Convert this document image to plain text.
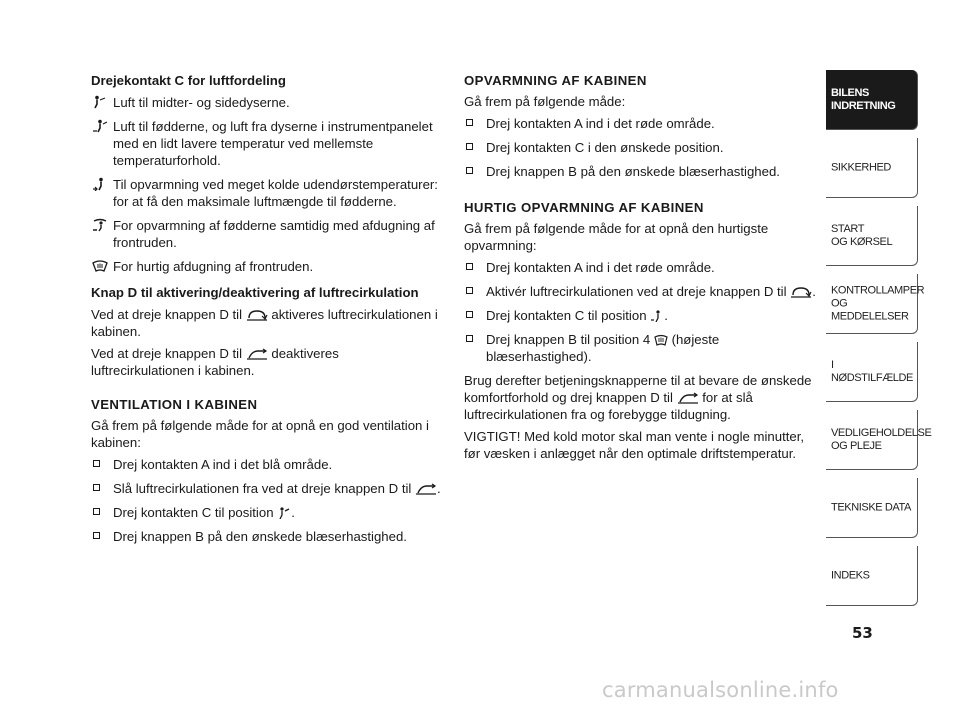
Drejekontakt C for luftfordeling
Luft til midter- og sidedyserne.
Luft til fødderne, og luft fra dyserne i instrumentpanelet med en lidt lavere temperatur ved mellemste temperaturforhold.
Til opvarmning ved meget kolde udendørstemperaturer: for at få den maksimale luftmængde til fødderne.
For opvarmning af fødderne samtidig med afdugning af frontruden.
For hurtig afdugning af frontruden.
Knap D til aktivering/deaktivering af luftrecirkulation

Ved at dreje knappen D til aktiveres luftrecirkulationen i kabinen.

Ved at dreje knappen D til deaktiveres luftrecirkulationen i kabinen.

VENTILATION I KABINEN

Gå frem på følgende måde for at opnå en god ventilation i kabinen:

Drej kontakten A ind i det blå område.
Slå luftrecirkulationen fra ved at dreje knappen D til .
Drej kontakten C til position .
Drej knappen B på den ønskede blæserhastighed.
OPVARMNING AF KABINEN

Gå frem på følgende måde:

Drej kontakten A ind i det røde område.
Drej kontakten C i den ønskede position.
Drej knappen B på den ønskede blæserhastighed.
HURTIG OPVARMNING AF KABINEN

Gå frem på følgende måde for at opnå den hurtigste opvarmning:

Drej kontakten A ind i det røde område.
Aktivér luftrecirkulationen ved at dreje knappen D til .
Drej kontakten C til position .
Drej knappen B til position 4 (højeste blæserhastighed).

Brug derefter betjeningsknapperne til at bevare de ønskede komfortforhold og drej knappen D til for at slå luftrecirkulationen fra og forebygge tildugning.

VIGTIGT! Med kold motor skal man vente i nogle minutter, før væsken i anlægget når den optimale driftstemperatur.

BILENS
INDRETNING
SIKKERHED
START
OG KØRSEL
KONTROLLAMPER
OG MEDDELELSER
I NØDSTILFÆLDE
VEDLIGEHOLDELSE
OG PLEJE
TEKNISKE DATA
INDEKS
53
carmanualsonline.info
